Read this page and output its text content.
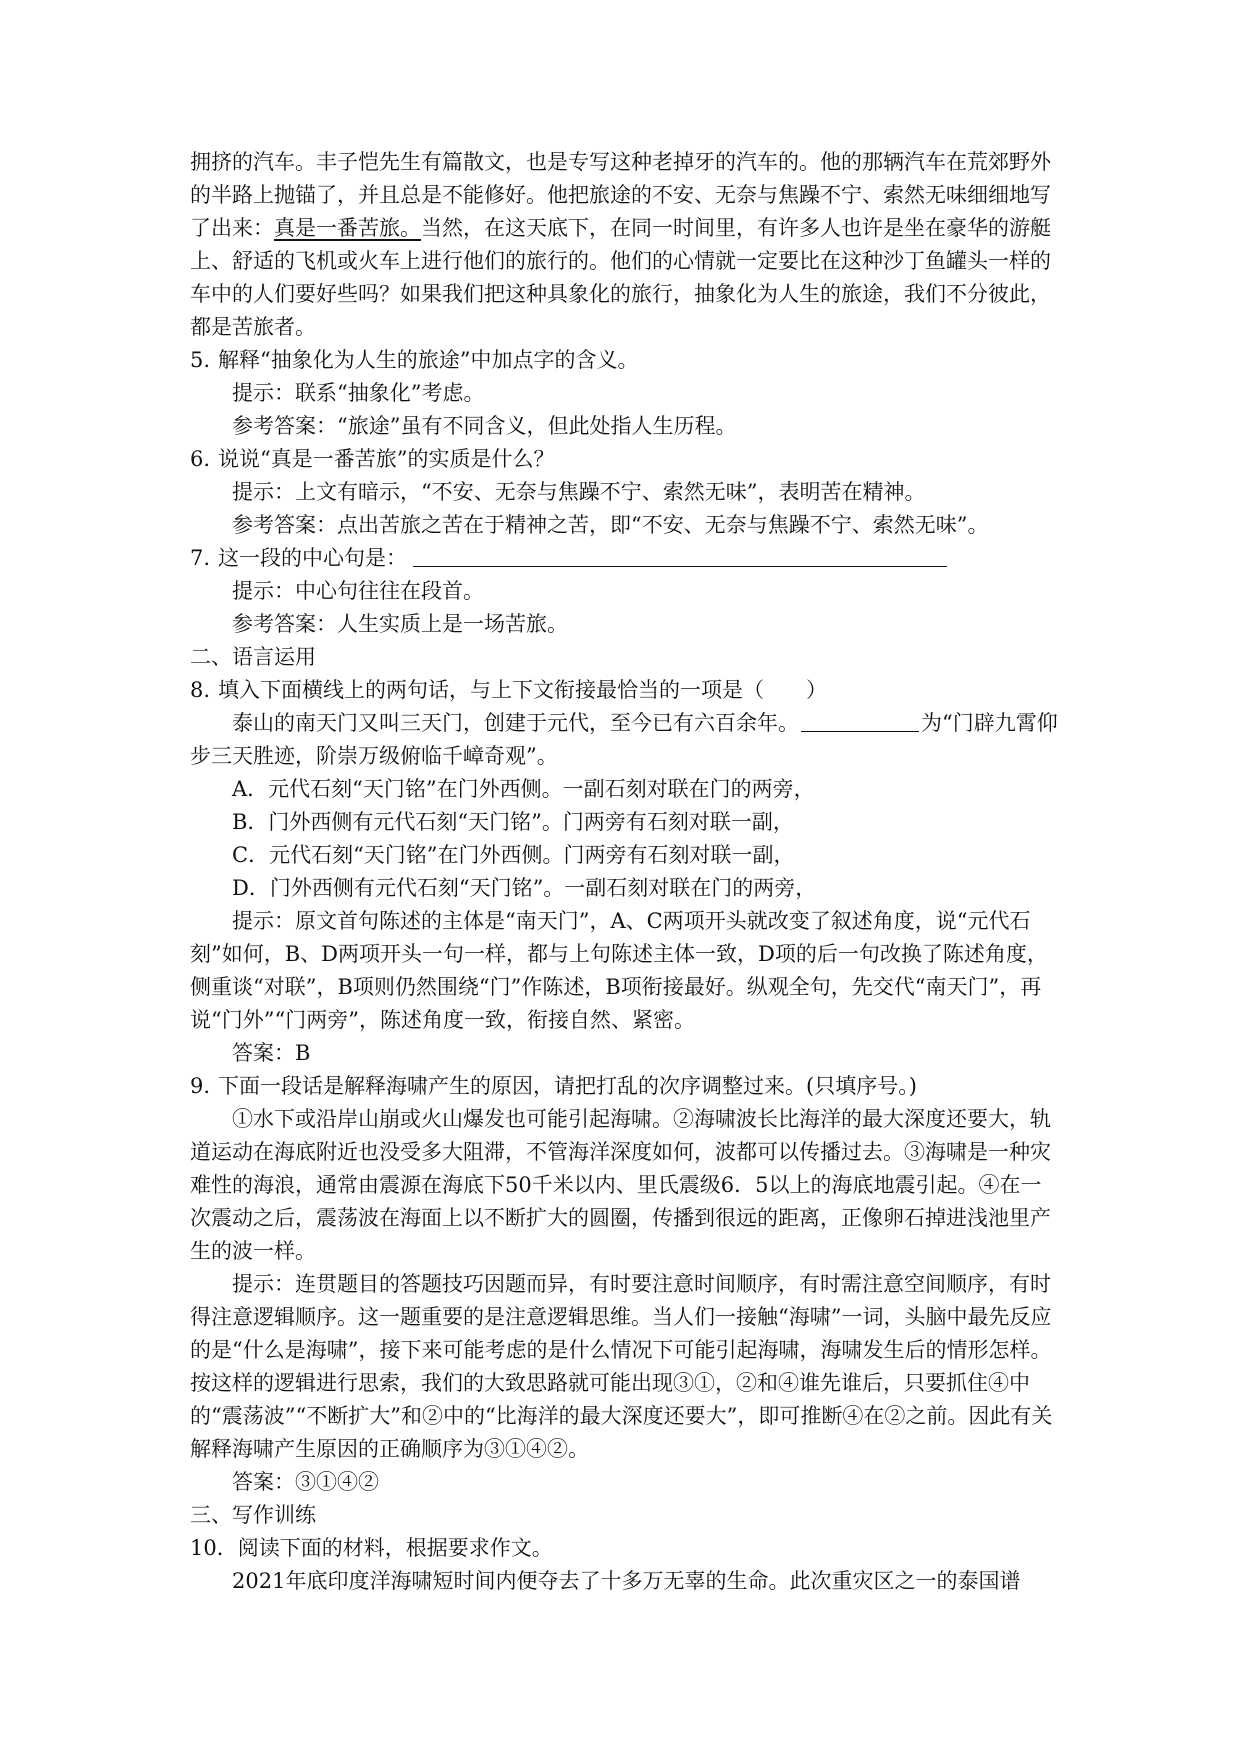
拥挤的汽车。丰子恺先生有篇散文，也是专写这种老掉牙的汽车的。他的那辆汽车在荒郊野外的半路上抛锚了，并且总是不能修好。他把旅途的不安、无奈与焦躁不宁、索然无味细细地写了出来：真是一番苦旅。当然，在这天底下，在同一时间里，有许多人也许是坐在豪华的游艇上、舒适的飞机或火车上进行他们的旅行的。他们的心情就一定要比在这种沙丁鱼罐头一样的车中的人们要好些吗？如果我们把这种具象化的旅行，抽象化为人生的旅途，我们不分彼此，都是苦旅者。

5. 解释“抽象化为人生的旅途”中加点字的含义。

提示：联系“抽象化”考虑。

参考答案：“旅途”虽有不同含义，但此处指人生历程。

6. 说说“真是一番苦旅”的实质是什么？

提示：上文有暗示，“不安、无奈与焦躁不宁、索然无味”，表明苦在精神。

参考答案：点出苦旅之苦在于精神之苦，即“不安、无奈与焦躁不宁、索然无味”。

7. 这一段的中心句是：

提示：中心句往往在段首。

参考答案：人生实质上是一场苦旅。

二、语言运用

8. 填入下面横线上的两句话，与上下文衔接最恰当的一项是（　　）

泰山的南天门又叫三天门，创建于元代，至今已有六百余年。	为“门辟九霄仰步三天胜迹，阶崇万级俯临千嶂奇观”。

A．元代石刻“天门铭”在门外西侧。一副石刻对联在门的两旁，

B．门外西侧有元代石刻“天门铭”。门两旁有石刻对联一副，

C．元代石刻“天门铭”在门外西侧。门两旁有石刻对联一副，

D．门外西侧有元代石刻“天门铭”。一副石刻对联在门的两旁，

提示：原文首句陈述的主体是“南天门”，A、C两项开头就改变了叙述角度，说“元代石刻”如何，B、D两项开头一句一样，都与上句陈述主体一致，D项的后一句改换了陈述角度，侧重谈“对联”，B项则仍然围绕“门”作陈述，B项衔接最好。纵观全句，先交代“南天门”，再说“门外”“门两旁”，陈述角度一致，衔接自然、紧密。

答案：B

9. 下面一段话是解释海啸产生的原因，请把打乱的次序调整过来。(只填序号。)

①水下或沿岸山崩或火山爆发也可能引起海啸。②海啸波长比海洋的最大深度还要大，轨道运动在海底附近也没受多大阻滞，不管海洋深度如何，波都可以传播过去。③海啸是一种灾难性的海浪，通常由震源在海底下50千米以内、里氏震级6．5以上的海底地震引起。④在一次震动之后，震荡波在海面上以不断扩大的圆圈，传播到很远的距离，正像卵石掉进浅池里产生的波一样。

提示：连贯题目的答题技巧因题而异，有时要注意时间顺序，有时需注意空间顺序，有时得注意逻辑顺序。这一题重要的是注意逻辑思维。当人们一接触“海啸”一词，头脑中最先反应的是“什么是海啸”，接下来可能考虑的是什么情况下可能引起海啸，海啸发生后的情形怎样。按这样的逻辑进行思索，我们的大致思路就可能出现③①，②和④谁先谁后，只要抓住④中的“震荡波”“不断扩大”和②中的“比海洋的最大深度还要大”，即可推断④在②之前。因此有关解释海啸产生原因的正确顺序为③①④②。

答案：③①④②

三、写作训练

10．阅读下面的材料，根据要求作文。

2021年底印度洋海啸短时间内便夺去了十多万无辜的生命。此次重灾区之一的泰国谱
